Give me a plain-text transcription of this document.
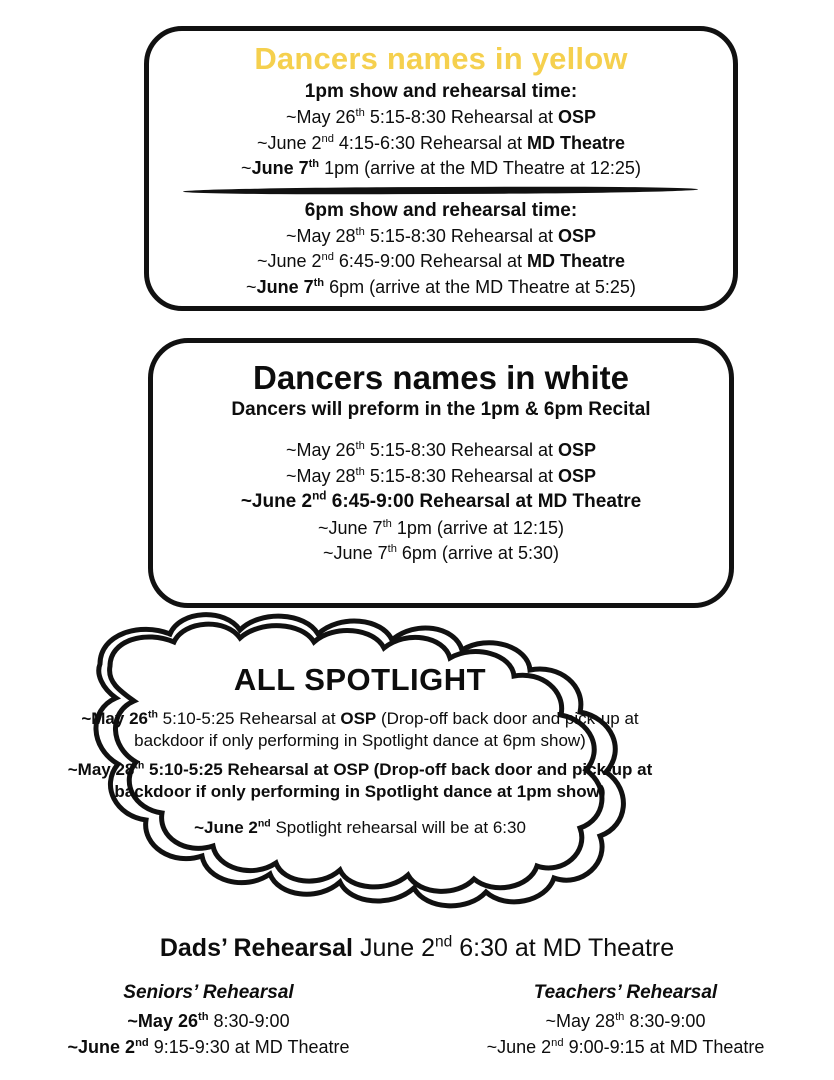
Dancers names in yellow
1pm show and rehearsal time:
~May 26th 5:15-8:30 Rehearsal at OSP
~June 2nd 4:15-6:30 Rehearsal at MD Theatre
~June 7th 1pm (arrive at the MD Theatre at 12:25)
6pm show and rehearsal time:
~May 28th 5:15-8:30 Rehearsal at OSP
~June 2nd 6:45-9:00 Rehearsal at MD Theatre
~June 7th 6pm (arrive at the MD Theatre at 5:25)
Dancers names in white
Dancers will preform in the 1pm & 6pm Recital
~May 26th 5:15-8:30 Rehearsal at OSP
~May 28th 5:15-8:30 Rehearsal at OSP
~June 2nd 6:45-9:00 Rehearsal at MD Theatre
~June 7th 1pm (arrive at 12:15)
~June 7th 6pm (arrive at 5:30)
ALL SPOTLIGHT
~May 26th 5:10-5:25 Rehearsal at OSP (Drop-off back door and pick-up at backdoor if only performing in Spotlight dance at 6pm show)
~May 28th 5:10-5:25 Rehearsal at OSP (Drop-off back door and pick-up at backdoor if only performing in Spotlight dance at 1pm show)
~June 2nd Spotlight rehearsal will be at 6:30
Dads’ Rehearsal June 2nd 6:30 at MD Theatre
Seniors’ Rehearsal
~May 26th 8:30-9:00
~June 2nd 9:15-9:30 at MD Theatre
Teachers’ Rehearsal
~May 28th 8:30-9:00
~June 2nd 9:00-9:15 at MD Theatre
